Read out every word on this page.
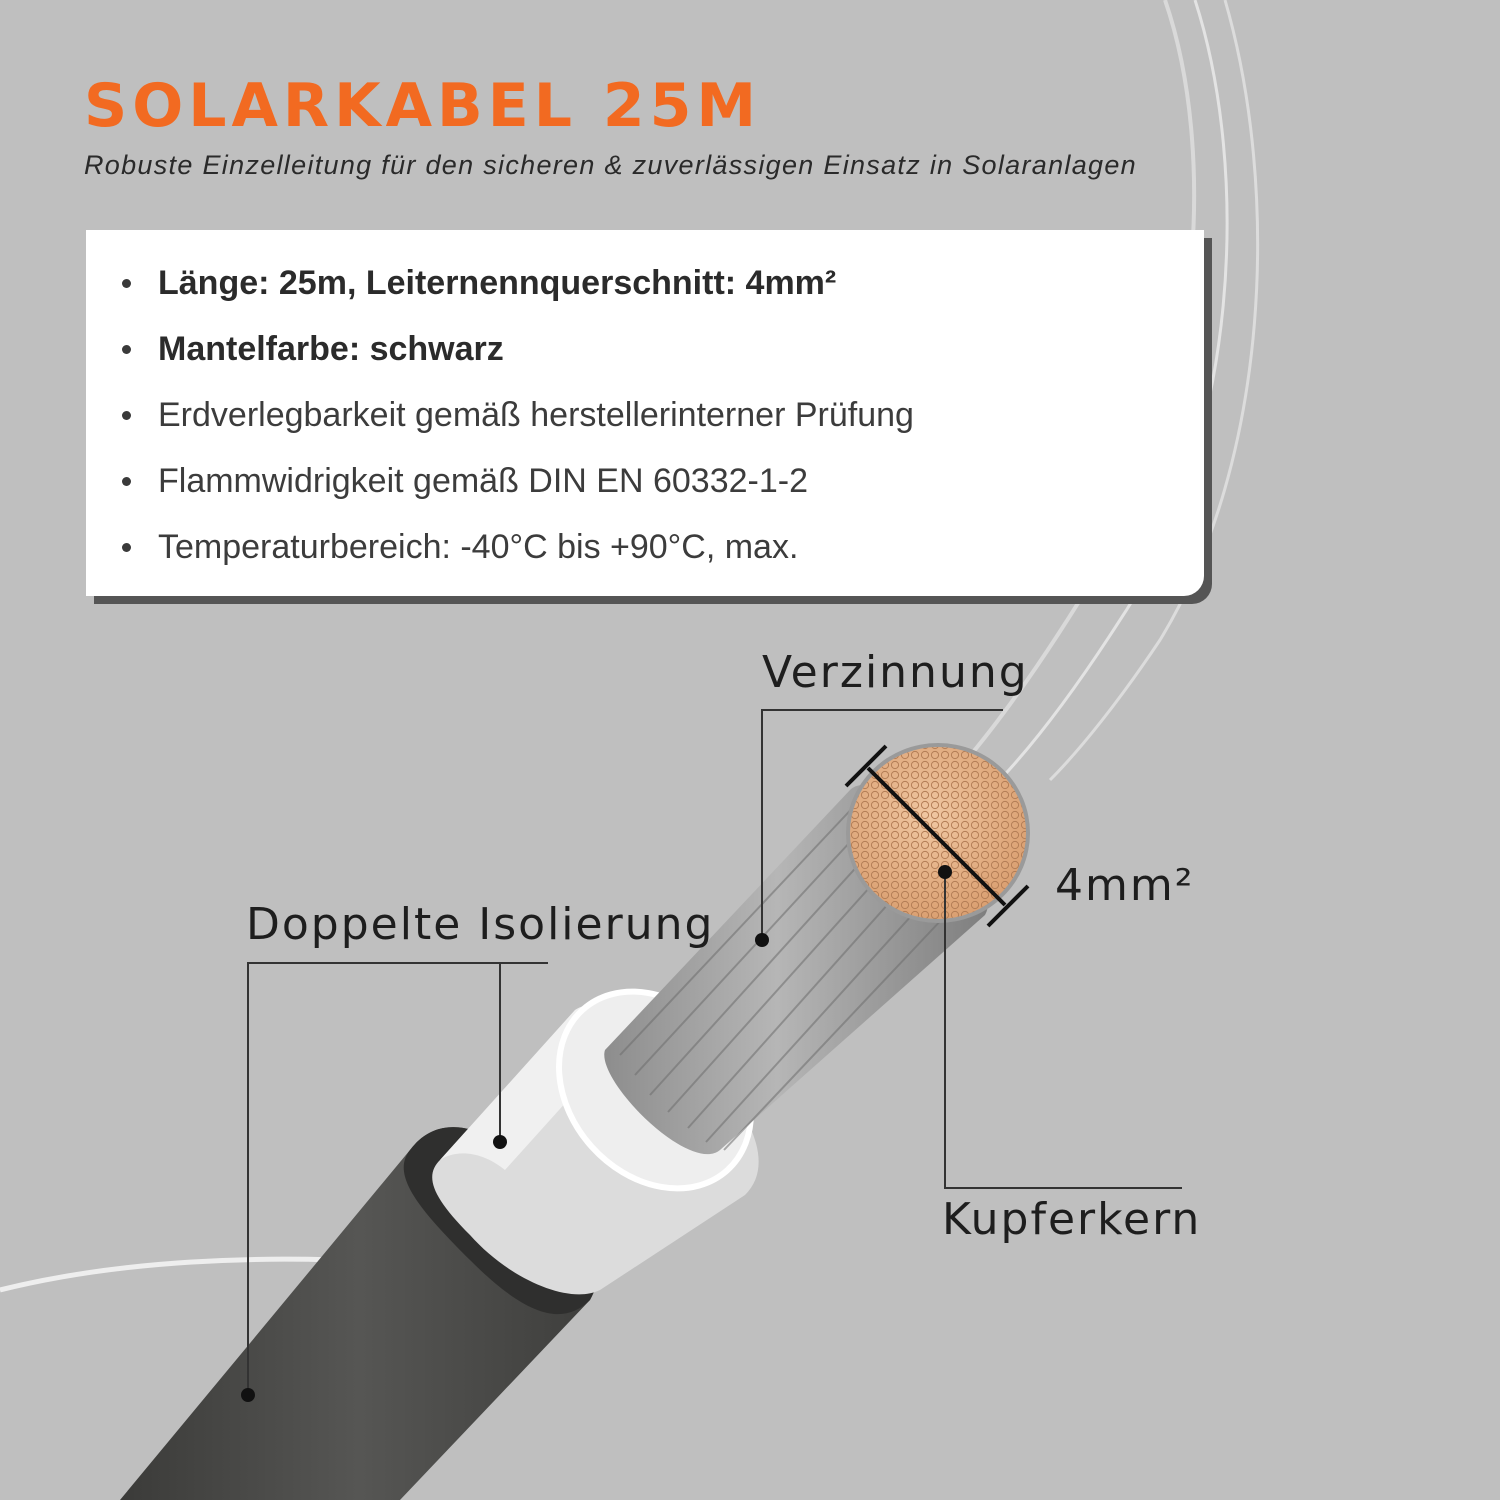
SOLARKABEL 25M

Robuste Einzelleitung für den sicheren & zuverlässigen Einsatz in Solaranlagen

Länge: 25m, Leiternennquerschnitt: 4mm²
Mantelfarbe: schwarz
Erdverlegbarkeit gemäß herstellerinterner Prüfung
Flammwidrigkeit gemäß DIN EN 60332-1-2
Temperaturbereich: -40°C bis +90°C, max.

Verzinnung

Doppelte Isolierung

4mm²

Kupferkern
